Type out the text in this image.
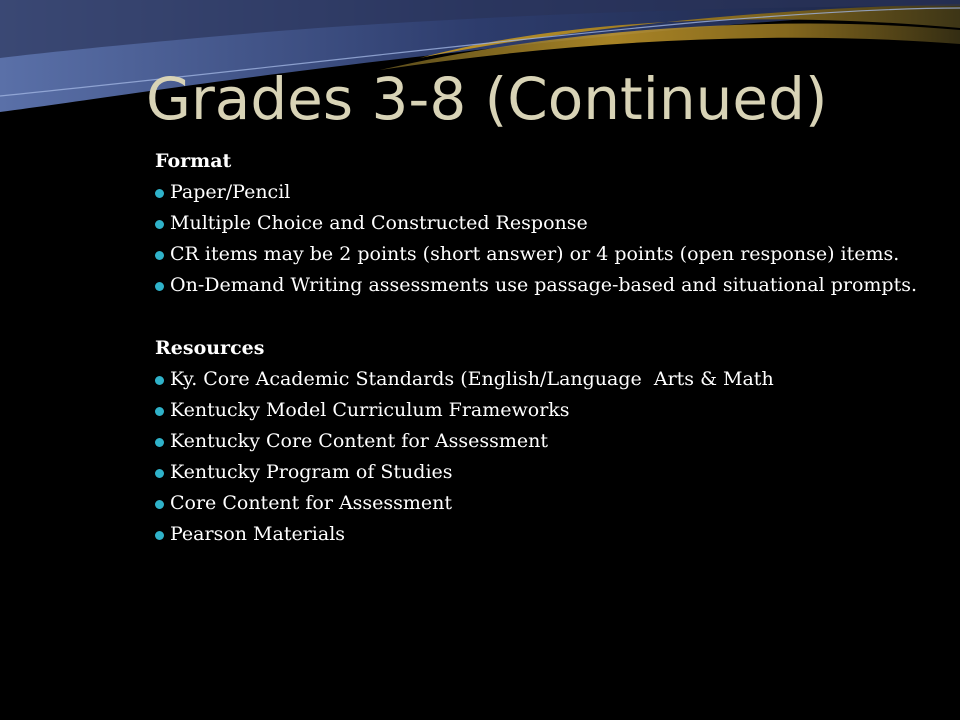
Grades 3-8 (Continued)
Format
Paper/Pencil
Multiple Choice and Constructed Response
CR items may be 2 points (short answer) or 4 points (open response) items.
On-Demand Writing assessments use passage-based and situational prompts.
Resources
Ky. Core Academic Standards (English/Language  Arts & Math
Kentucky Model Curriculum Frameworks
Kentucky Core Content for Assessment
Kentucky Program of Studies
Core Content for Assessment
Pearson Materials
